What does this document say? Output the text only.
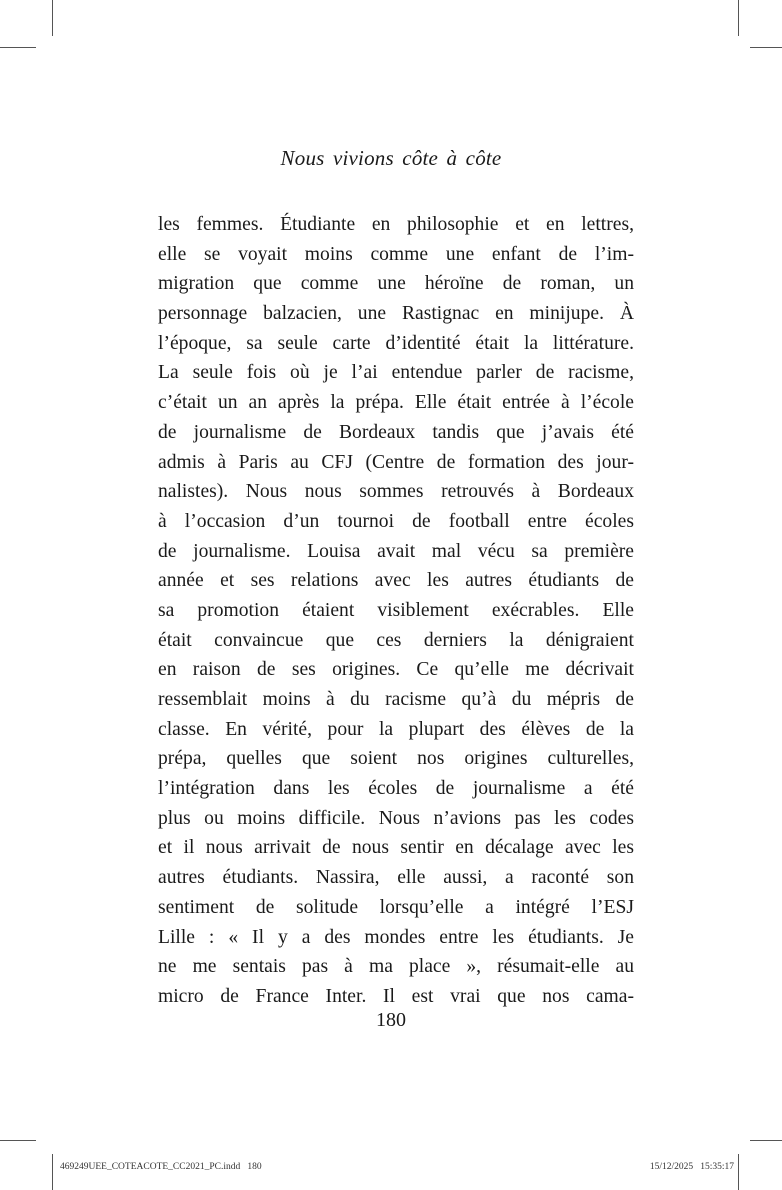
Nous vivions côte à côte
les femmes. Étudiante en philosophie et en lettres,
elle se voyait moins comme une enfant de l’im-
migration que comme une héroïne de roman, un
personnage balzacien, une Rastignac en minijupe. À
l’époque, sa seule carte d’identité était la littérature.
La seule fois où je l’ai entendue parler de racisme,
c’était un an après la prépa. Elle était entrée à l’école
de journalisme de Bordeaux tandis que j’avais été
admis à Paris au CFJ (Centre de formation des jour-
nalistes). Nous nous sommes retrouvés à Bordeaux
à l’occasion d’un tournoi de football entre écoles
de journalisme. Louisa avait mal vécu sa première
année et ses relations avec les autres étudiants de
sa promotion étaient visiblement exécrables. Elle
était convaincue que ces derniers la dénigraient
en raison de ses origines. Ce qu’elle me décrivait
ressemblait moins à du racisme qu’à du mépris de
classe. En vérité, pour la plupart des élèves de la
prépa, quelles que soient nos origines culturelles,
l’intégration dans les écoles de journalisme a été
plus ou moins difficile. Nous n’avions pas les codes
et il nous arrivait de nous sentir en décalage avec les
autres étudiants. Nassira, elle aussi, a raconté son
sentiment de solitude lorsqu’elle a intégré l’ESJ
Lille : « Il y a des mondes entre les étudiants. Je
ne me sentais pas à ma place », résumait-elle au
micro de France Inter. Il est vrai que nos cama-
180
469249UEE_COTEACOTE_CC2021_PC.indd   180	15/12/2025   15:35:17
